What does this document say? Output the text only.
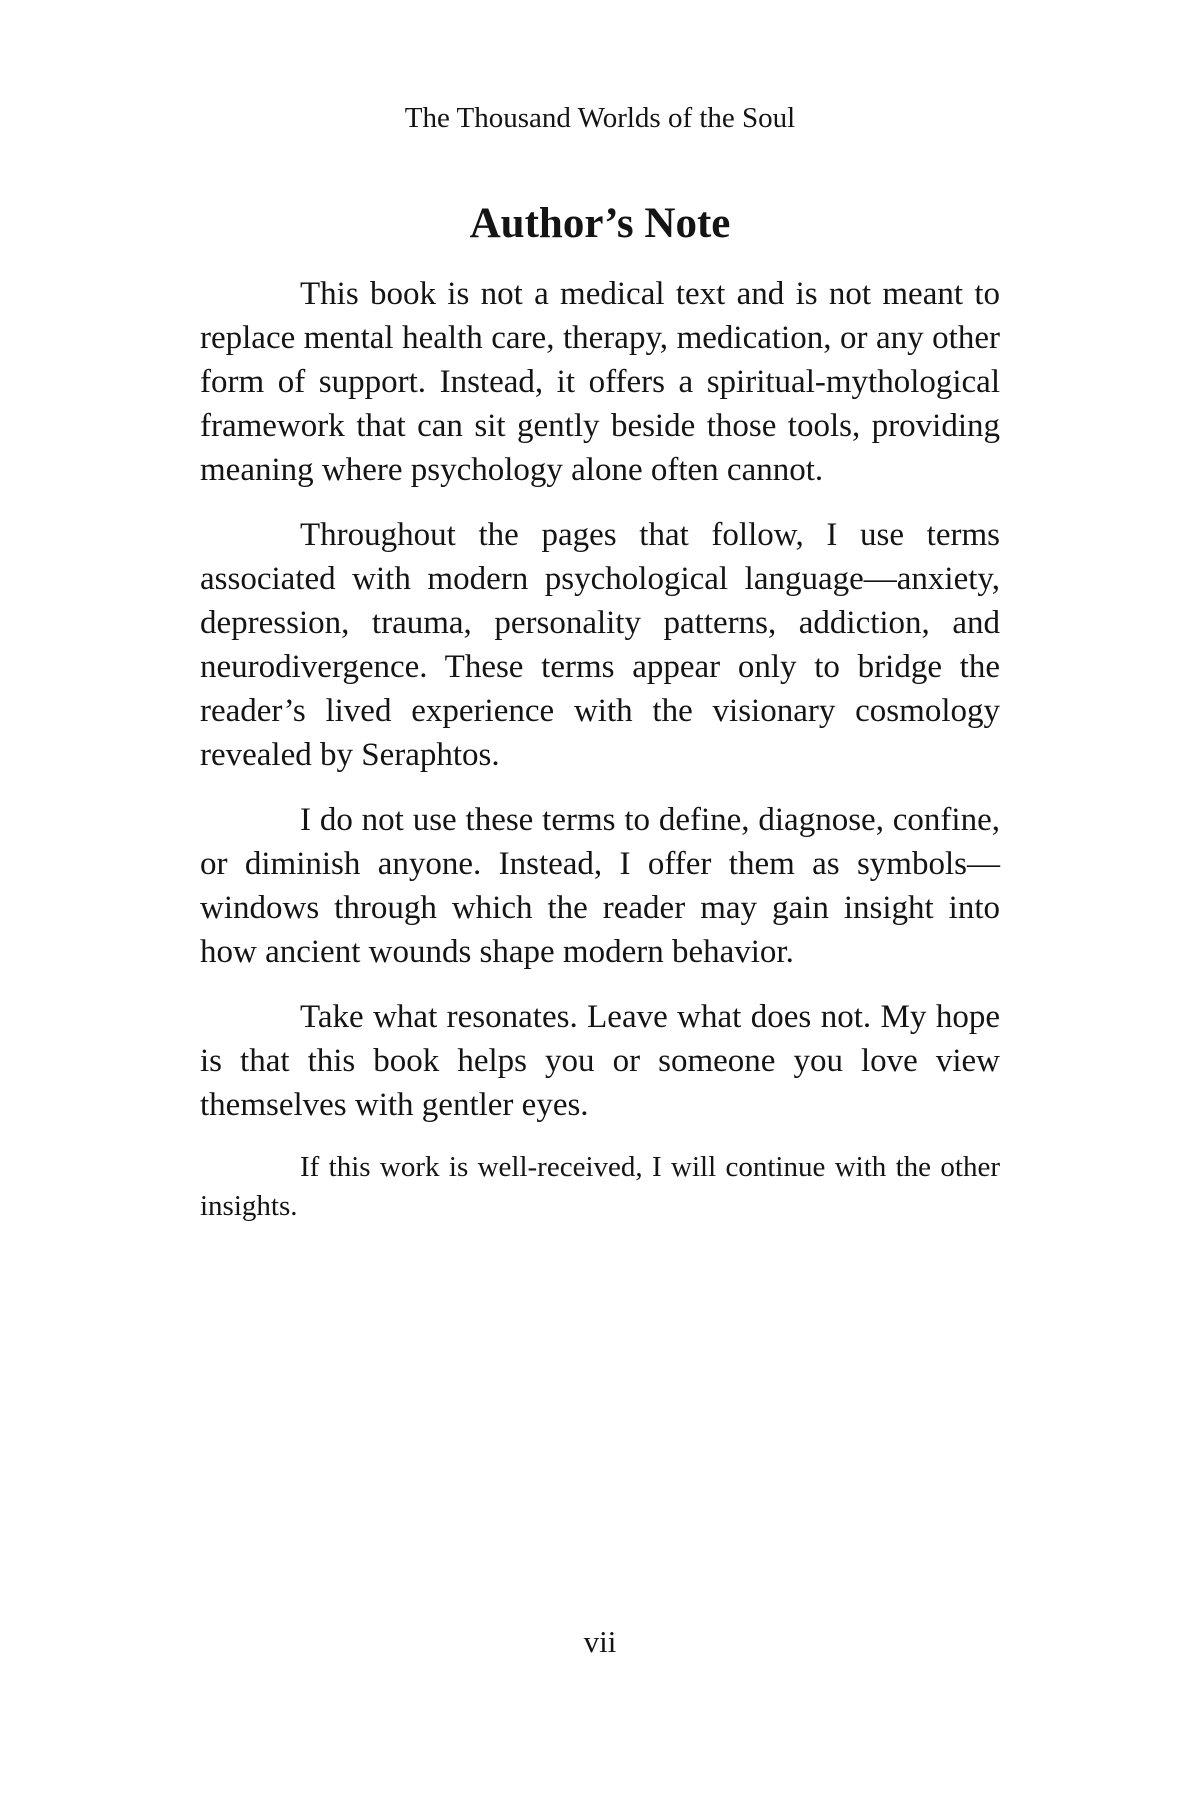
The Thousand Worlds of the Soul
Author’s Note

This book is not a medical text and is not meant to replace mental health care, therapy, medication, or any other form of support. Instead, it offers a spiritual-mythological framework that can sit gently beside those tools, providing meaning where psychology alone often cannot.

Throughout the pages that follow, I use terms associated with modern psychological language—anxiety, depression, trauma, personality patterns, addiction, and neurodivergence. These terms appear only to bridge the reader’s lived experience with the visionary cosmology revealed by Seraphtos.

I do not use these terms to define, diagnose, confine, or diminish anyone. Instead, I offer them as symbols—windows through which the reader may gain insight into how ancient wounds shape modern behavior.

Take what resonates. Leave what does not. My hope is that this book helps you or someone you love view themselves with gentler eyes.

If this work is well-received, I will continue with the other insights.

vii
